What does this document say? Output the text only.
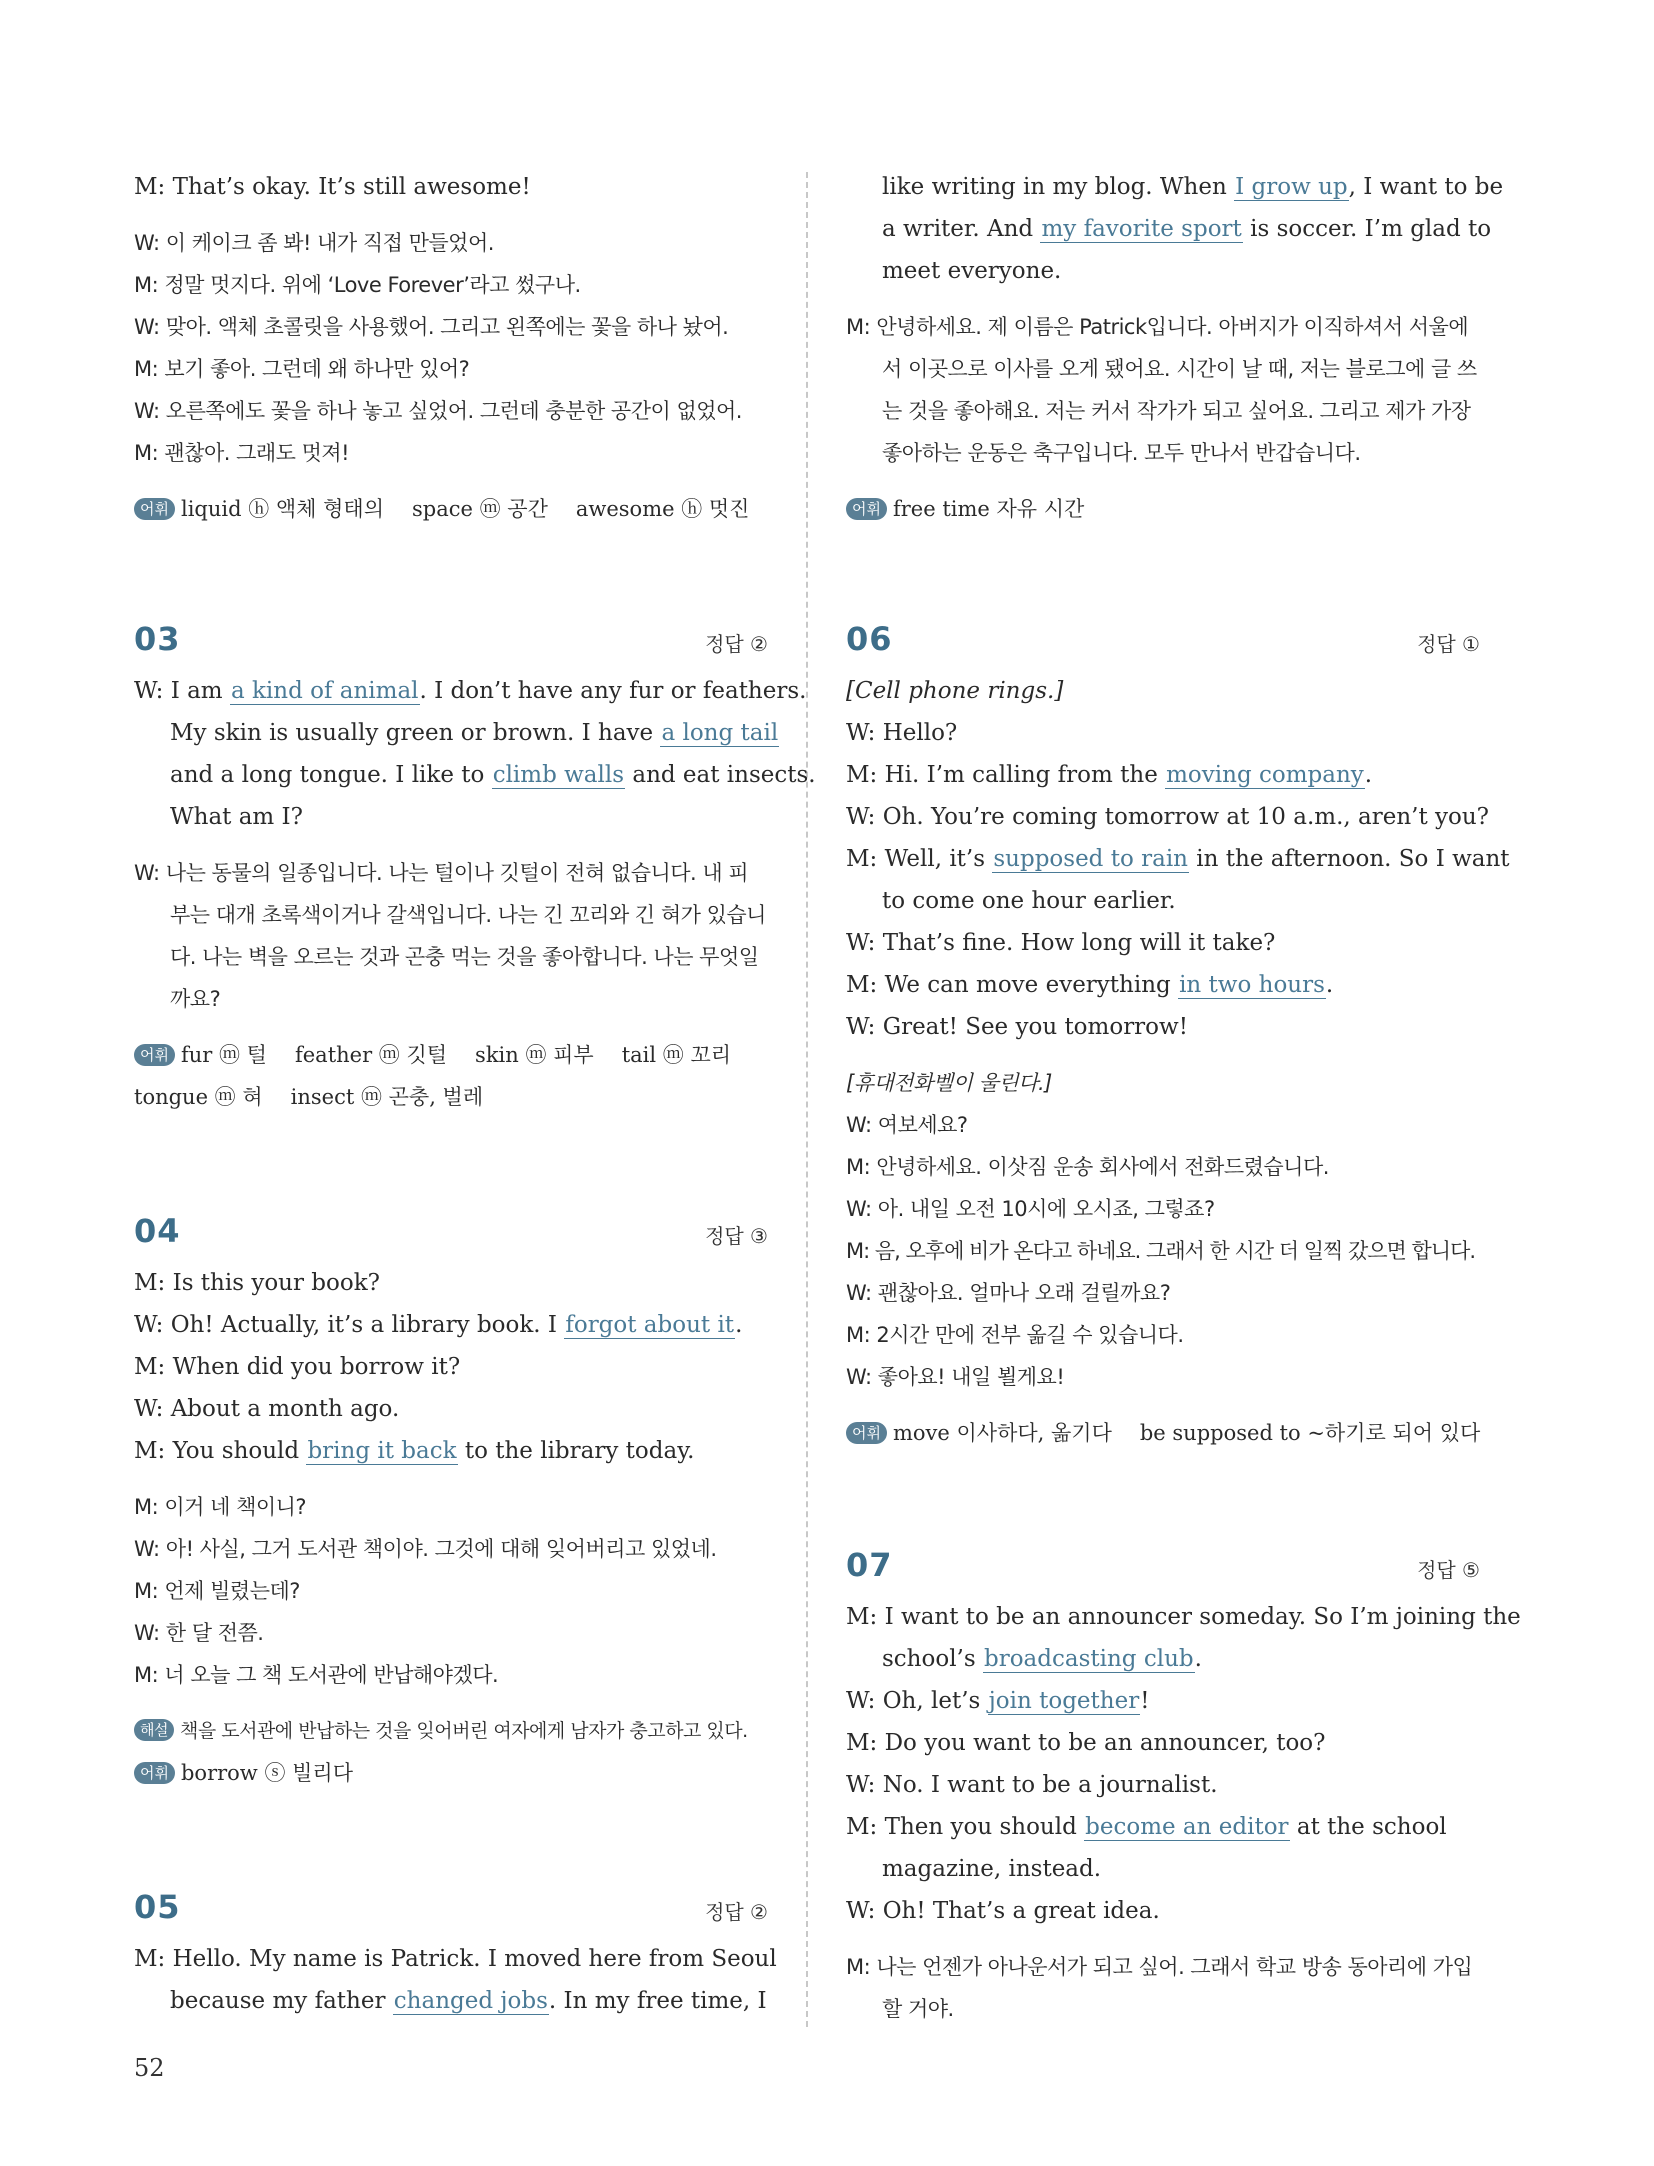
M: That’s okay. It’s still awesome!
W: 이 케이크 좀 봐! 내가 직접 만들었어.
M: 정말 멋지다. 위에 ‘Love Forever’라고 썼구나.
W: 맞아. 액체 초콜릿을 사용했어. 그리고 왼쪽에는 꽃을 하나 놨어.
M: 보기 좋아. 그런데 왜 하나만 있어?
W: 오른쪽에도 꽃을 하나 놓고 싶었어. 그런데 충분한 공간이 없었어.
M: 괜찮아. 그래도 멋져!
어휘 liquid ⓗ 액체 형태의 space ⓜ 공간 awesome ⓗ 멋진
03	정답 ②
W: I am a kind of animal. I don’t have any fur or feathers.
My skin is usually green or brown. I have a long tail
and a long tongue. I like to climb walls and eat insects.
What am I?
W: 나는 동물의 일종입니다. 나는 털이나 깃털이 전혀 없습니다. 내 피
부는 대개 초록색이거나 갈색입니다. 나는 긴 꼬리와 긴 혀가 있습니
다. 나는 벽을 오르는 것과 곤충 먹는 것을 좋아합니다. 나는 무엇일
까요?
어휘 fur ⓜ 털 feather ⓜ 깃털 skin ⓜ 피부 tail ⓜ 꼬리
tongue ⓜ 혀 insect ⓜ 곤충, 벌레
04	정답 ③
M: Is this your book?
W: Oh! Actually, it’s a library book. I forgot about it.
M: When did you borrow it?
W: About a month ago.
M: You should bring it back to the library today.
M: 이거 네 책이니?
W: 아! 사실, 그거 도서관 책이야. 그것에 대해 잊어버리고 있었네.
M: 언제 빌렸는데?
W: 한 달 전쯤.
M: 너 오늘 그 책 도서관에 반납해야겠다.
해설 책을 도서관에 반납하는 것을 잊어버린 여자에게 남자가 충고하고 있다.
어휘 borrow ⓢ 빌리다
05	정답 ②
M: Hello. My name is Patrick. I moved here from Seoul
because my father changed jobs. In my free time, I
like writing in my blog. When I grow up, I want to be
a writer. And my favorite sport is soccer. I’m glad to
meet everyone.
M: 안녕하세요. 제 이름은 Patrick입니다. 아버지가 이직하셔서 서울에
서 이곳으로 이사를 오게 됐어요. 시간이 날 때, 저는 블로그에 글 쓰
는 것을 좋아해요. 저는 커서 작가가 되고 싶어요. 그리고 제가 가장
좋아하는 운동은 축구입니다. 모두 만나서 반갑습니다.
어휘 free time 자유 시간
06	정답 ①
[Cell phone rings.]
W: Hello?
M: Hi. I’m calling from the moving company.
W: Oh. You’re coming tomorrow at 10 a.m., aren’t you?
M: Well, it’s supposed to rain in the afternoon. So I want
to come one hour earlier.
W: That’s fine. How long will it take?
M: We can move everything in two hours.
W: Great! See you tomorrow!
[휴대전화벨이 울린다.]
W: 여보세요?
M: 안녕하세요. 이삿짐 운송 회사에서 전화드렸습니다.
W: 아. 내일 오전 10시에 오시죠, 그렇죠?
M: 음, 오후에 비가 온다고 하네요. 그래서 한 시간 더 일찍 갔으면 합니다.
W: 괜찮아요. 얼마나 오래 걸릴까요?
M: 2시간 만에 전부 옮길 수 있습니다.
W: 좋아요! 내일 뵐게요!
어휘 move 이사하다, 옮기다 be supposed to ~하기로 되어 있다
07	정답 ⑤
M: I want to be an announcer someday. So I’m joining the
school’s broadcasting club.
W: Oh, let’s join together!
M: Do you want to be an announcer, too?
W: No. I want to be a journalist.
M: Then you should become an editor at the school
magazine, instead.
W: Oh! That’s a great idea.
M: 나는 언젠가 아나운서가 되고 싶어. 그래서 학교 방송 동아리에 가입
할 거야.
52
